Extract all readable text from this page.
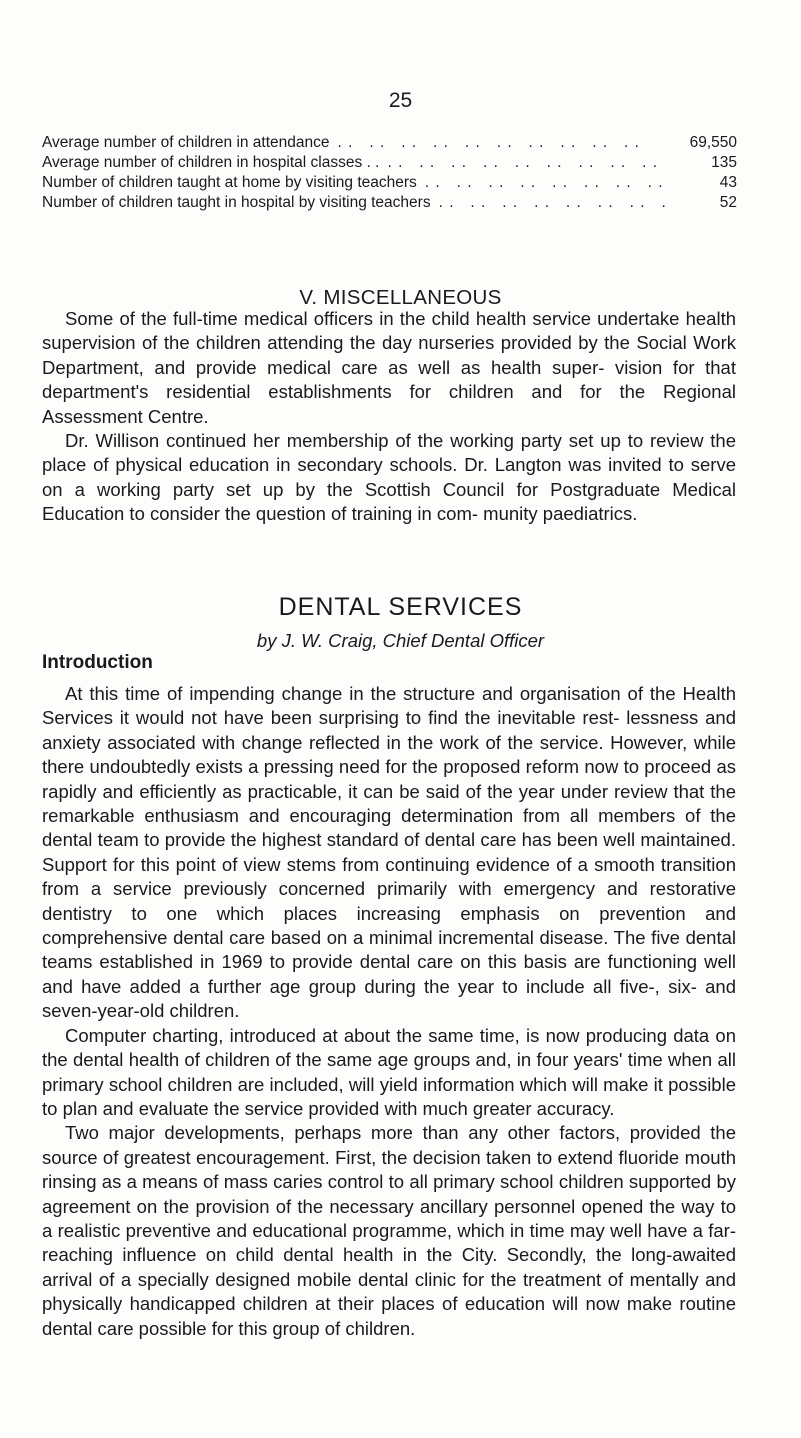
25
Average number of children in attendance . .	69,550
Average number of children in hospital classes . . . .	135
Number of children taught at home by visiting teachers . .	43
Number of children taught in hospital by visiting teachers . .	52
V. MISCELLANEOUS

Some of the full-time medical officers in the child health service undertake health supervision of the children attending the day nurseries provided by the Social Work Department, and provide medical care as well as health super- vision for that department's residential establishments for children and for the Regional Assessment Centre.

Dr. Willison continued her membership of the working party set up to review the place of physical education in secondary schools. Dr. Langton was invited to serve on a working party set up by the Scottish Council for Postgraduate Medical Education to consider the question of training in com- munity paediatrics.

DENTAL SERVICES
by J. W. Craig, Chief Dental Officer
Introduction

At this time of impending change in the structure and organisation of the Health Services it would not have been surprising to find the inevitable rest- lessness and anxiety associated with change reflected in the work of the service. However, while there undoubtedly exists a pressing need for the proposed reform now to proceed as rapidly and efficiently as practicable, it can be said of the year under review that the remarkable enthusiasm and encouraging determination from all members of the dental team to provide the highest standard of dental care has been well maintained. Support for this point of view stems from continuing evidence of a smooth transition from a service previously concerned primarily with emergency and restorative dentistry to one which places increasing emphasis on prevention and comprehensive dental care based on a minimal incremental disease. The five dental teams established in 1969 to provide dental care on this basis are functioning well and have added a further age group during the year to include all five-, six- and seven-year-old children.

Computer charting, introduced at about the same time, is now producing data on the dental health of children of the same age groups and, in four years' time when all primary school children are included, will yield information which will make it possible to plan and evaluate the service provided with much greater accuracy.

Two major developments, perhaps more than any other factors, provided the source of greatest encouragement. First, the decision taken to extend fluoride mouth rinsing as a means of mass caries control to all primary school children supported by agreement on the provision of the necessary ancillary personnel opened the way to a realistic preventive and educational programme, which in time may well have a far-reaching influence on child dental health in the City. Secondly, the long-awaited arrival of a specially designed mobile dental clinic for the treatment of mentally and physically handicapped children at their places of education will now make routine dental care possible for this group of children.
